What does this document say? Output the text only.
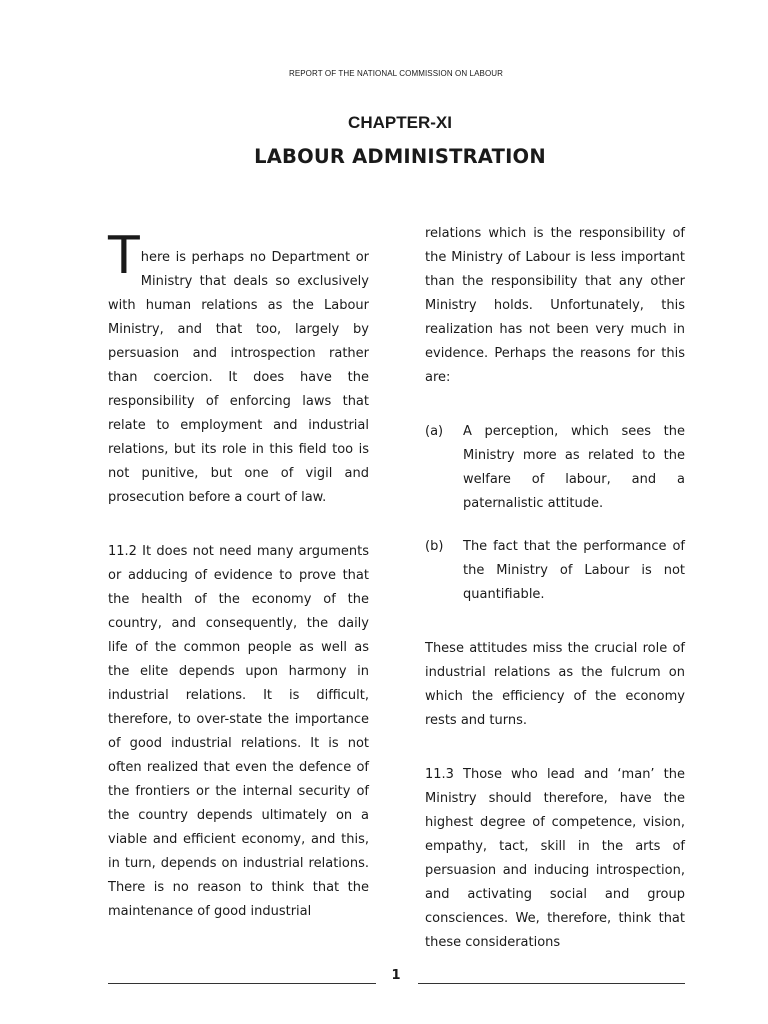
REPORT OF THE NATIONAL COMMISSION ON LABOUR
CHAPTER-XI
LABOUR ADMINISTRATION

There is perhaps no Department or Ministry that deals so exclusively with human relations as the Labour Ministry, and that too, largely by persuasion and introspection rather than coercion. It does have the responsibility of enforcing laws that relate to employment and industrial relations, but its role in this field too is not punitive, but one of vigil and prosecution before a court of law.

11.2 It does not need many arguments or adducing of evidence to prove that the health of the economy of the country, and consequently, the daily life of the common people as well as the elite depends upon harmony in industrial relations. It is difficult, therefore, to over-state the importance of good industrial relations. It is not often realized that even the defence of the frontiers or the internal security of the country depends ultimately on a viable and efficient economy, and this, in turn, depends on industrial relations. There is no reason to think that the maintenance of good industrial

relations which is the responsibility of the Ministry of Labour is less important than the responsibility that any other Ministry holds. Unfortunately, this realization has not been very much in evidence. Perhaps the reasons for this are:

(a)	A perception, which sees the Ministry more as related to the welfare of labour, and a paternalistic attitude.
(b)	The fact that the performance of the Ministry of Labour is not quantifiable.

These attitudes miss the crucial role of industrial relations as the fulcrum on which the efficiency of the economy rests and turns.

11.3 Those who lead and ‘man’ the Ministry should therefore, have the highest degree of competence, vision, empathy, tact, skill in the arts of persuasion and inducing introspection, and activating social and group consciences. We, therefore, think that these considerations

1
